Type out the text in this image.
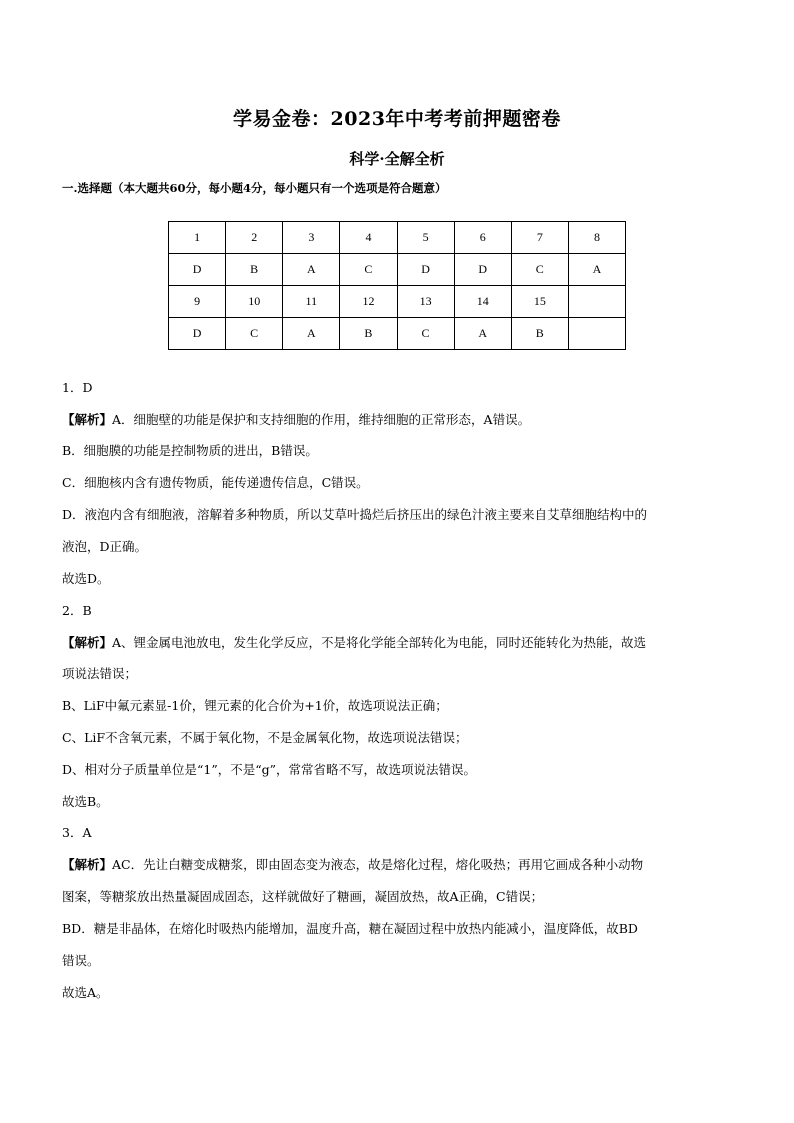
学易金卷：2023年中考考前押题密卷
科学·全解全析
一.选择题（本大题共60分，每小题4分，每小题只有一个选项是符合题意）
1	2	3	4	5	6	7	8
D	B	A	C	D	D	C	A
9	10	11	12	13	14	15	
D	C	A	B	C	A	B	
1．D
【解析】A．细胞壁的功能是保护和支持细胞的作用，维持细胞的正常形态，A错误。
B．细胞膜的功能是控制物质的进出，B错误。
C．细胞核内含有遗传物质，能传递遗传信息，C错误。
D．液泡内含有细胞液，溶解着多种物质，所以艾草叶捣烂后挤压出的绿色汁液主要来自艾草细胞结构中的
液泡，D正确。
故选D。
2．B
【解析】A、锂金属电池放电，发生化学反应，不是将化学能全部转化为电能，同时还能转化为热能，故选
项说法错误；
B、LiF中氟元素显-1价，锂元素的化合价为+1价，故选项说法正确；
C、LiF不含氧元素，不属于氧化物，不是金属氧化物，故选项说法错误；
D、相对分子质量单位是“1”，不是“g”，常常省略不写，故选项说法错误。
故选B。
3．A
【解析】AC．先让白糖变成糖浆，即由固态变为液态，故是熔化过程，熔化吸热；再用它画成各种小动物
图案，等糖浆放出热量凝固成固态，这样就做好了糖画，凝固放热，故A正确，C错误；
BD．糖是非晶体，在熔化时吸热内能增加，温度升高，糖在凝固过程中放热内能减小，温度降低，故BD
错误。
故选A。
